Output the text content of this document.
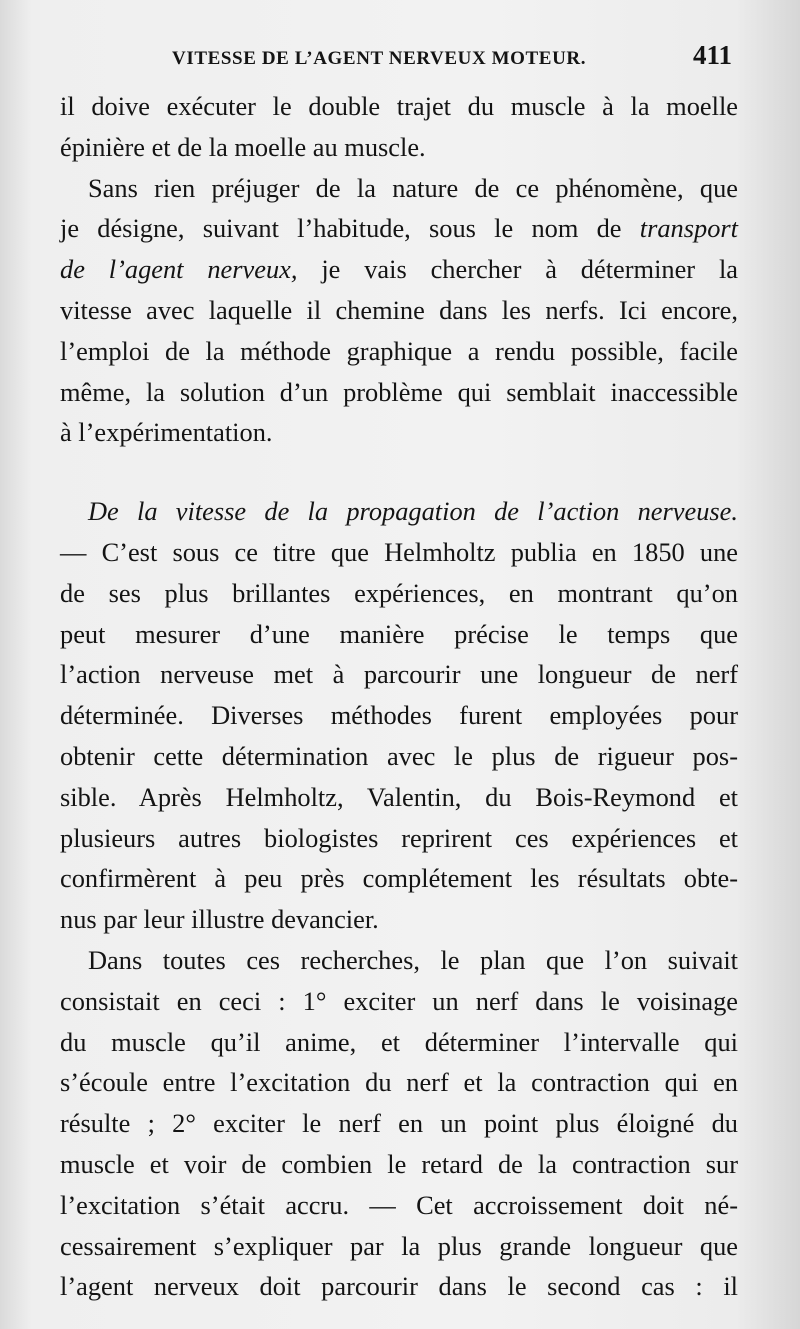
VITESSE DE L’AGENT NERVEUX MOTEUR.	411
il doive exécuter le double trajet du muscle à la moelle
épinière et de la moelle au muscle.
Sans rien préjuger de la nature de ce phénomène, que
je désigne, suivant l’habitude, sous le nom de transport
de l’agent nerveux, je vais chercher à déterminer la
vitesse avec laquelle il chemine dans les nerfs. Ici encore,
l’emploi de la méthode graphique a rendu possible, facile
même, la solution d’un problème qui semblait inaccessible
à l’expérimentation.
De la vitesse de la propagation de l’action nerveuse.
— C’est sous ce titre que Helmholtz publia en 1850 une
de ses plus brillantes expériences, en montrant qu’on
peut mesurer d’une manière précise le temps que
l’action nerveuse met à parcourir une longueur de nerf
déterminée. Diverses méthodes furent employées pour
obtenir cette détermination avec le plus de rigueur pos-
sible. Après Helmholtz, Valentin, du Bois-Reymond et
plusieurs autres biologistes reprirent ces expériences et
confirmèrent à peu près complétement les résultats obte-
nus par leur illustre devancier.
Dans toutes ces recherches, le plan que l’on suivait
consistait en ceci : 1° exciter un nerf dans le voisinage
du muscle qu’il anime, et déterminer l’intervalle qui
s’écoule entre l’excitation du nerf et la contraction qui en
résulte ; 2° exciter le nerf en un point plus éloigné du
muscle et voir de combien le retard de la contraction sur
l’excitation s’était accru. — Cet accroissement doit né-
cessairement s’expliquer par la plus grande longueur que
l’agent nerveux doit parcourir dans le second cas : il
